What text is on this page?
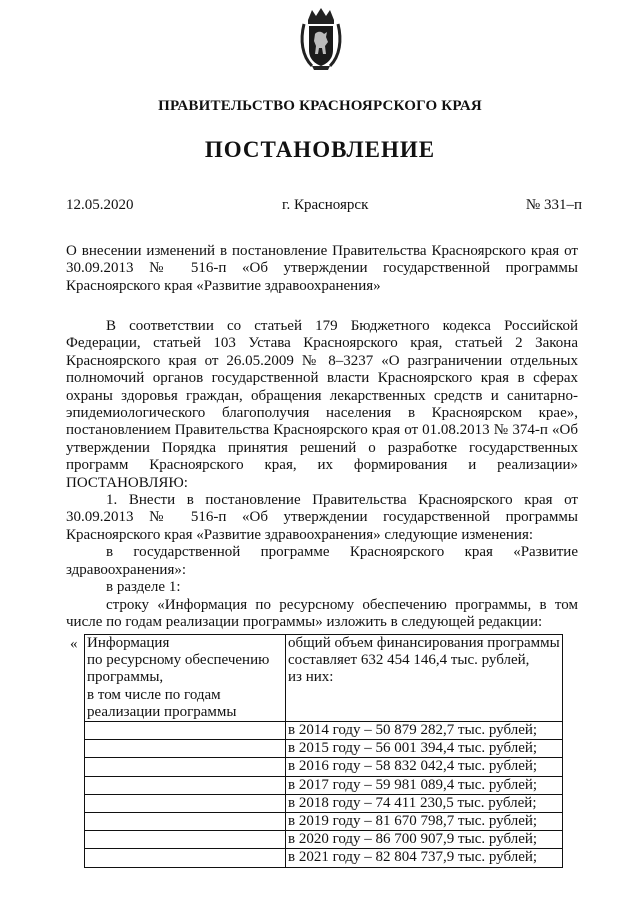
ПРАВИТЕЛЬСТВО КРАСНОЯРСКОГО КРАЯ
ПОСТАНОВЛЕНИЕ
12.05.2020	г. Красноярск	№ 331–п
О внесении изменений в постановление Правительства Красноярского края от 30.09.2013 № 516-п «Об утверждении государственной программы Красноярского края «Развитие здравоохранения»

В соответствии со статьей 179 Бюджетного кодекса Российской Федерации, статьей 103 Устава Красноярского края, статьей 2 Закона Красноярского края от 26.05.2009 № 8–3237 «О разграничении отдельных полномочий органов государственной власти Красноярского края в сферах охраны здоровья граждан, обращения лекарственных средств и санитарно-эпидемиологического благополучия населения в Красноярском крае», постановлением Правительства Красноярского края от 01.08.2013 № 374-п «Об утверждении Порядка принятия решений о разработке государственных программ Красноярского края, их формирования и реализации» ПОСТАНОВЛЯЮ:

1. Внести в постановление Правительства Красноярского края от 30.09.2013 № 516-п «Об утверждении государственной программы Красноярского края «Развитие здравоохранения» следующие изменения:

в государственной программе Красноярского края «Развитие здравоохранения»:

в разделе 1:

строку «Информация по ресурсному обеспечению программы, в том числе по годам реализации программы» изложить в следующей редакции:

« Информация
по ресурсному обеспечению
программы,
в том числе по годам
реализации программы	общий объем финансирования программы
составляет 632 454 146,4 тыс. рублей,
из них:

	в 2014 году – 50 879 282,7 тыс. рублей;
	в 2015 году – 56 001 394,4 тыс. рублей;
	в 2016 году – 58 832 042,4 тыс. рублей;
	в 2017 году – 59 981 089,4 тыс. рублей;
	в 2018 году – 74 411 230,5 тыс. рублей;
	в 2019 году – 81 670 798,7 тыс. рублей;
	в 2020 году – 86 700 907,9 тыс. рублей;
	в 2021 году – 82 804 737,9 тыс. рублей;
